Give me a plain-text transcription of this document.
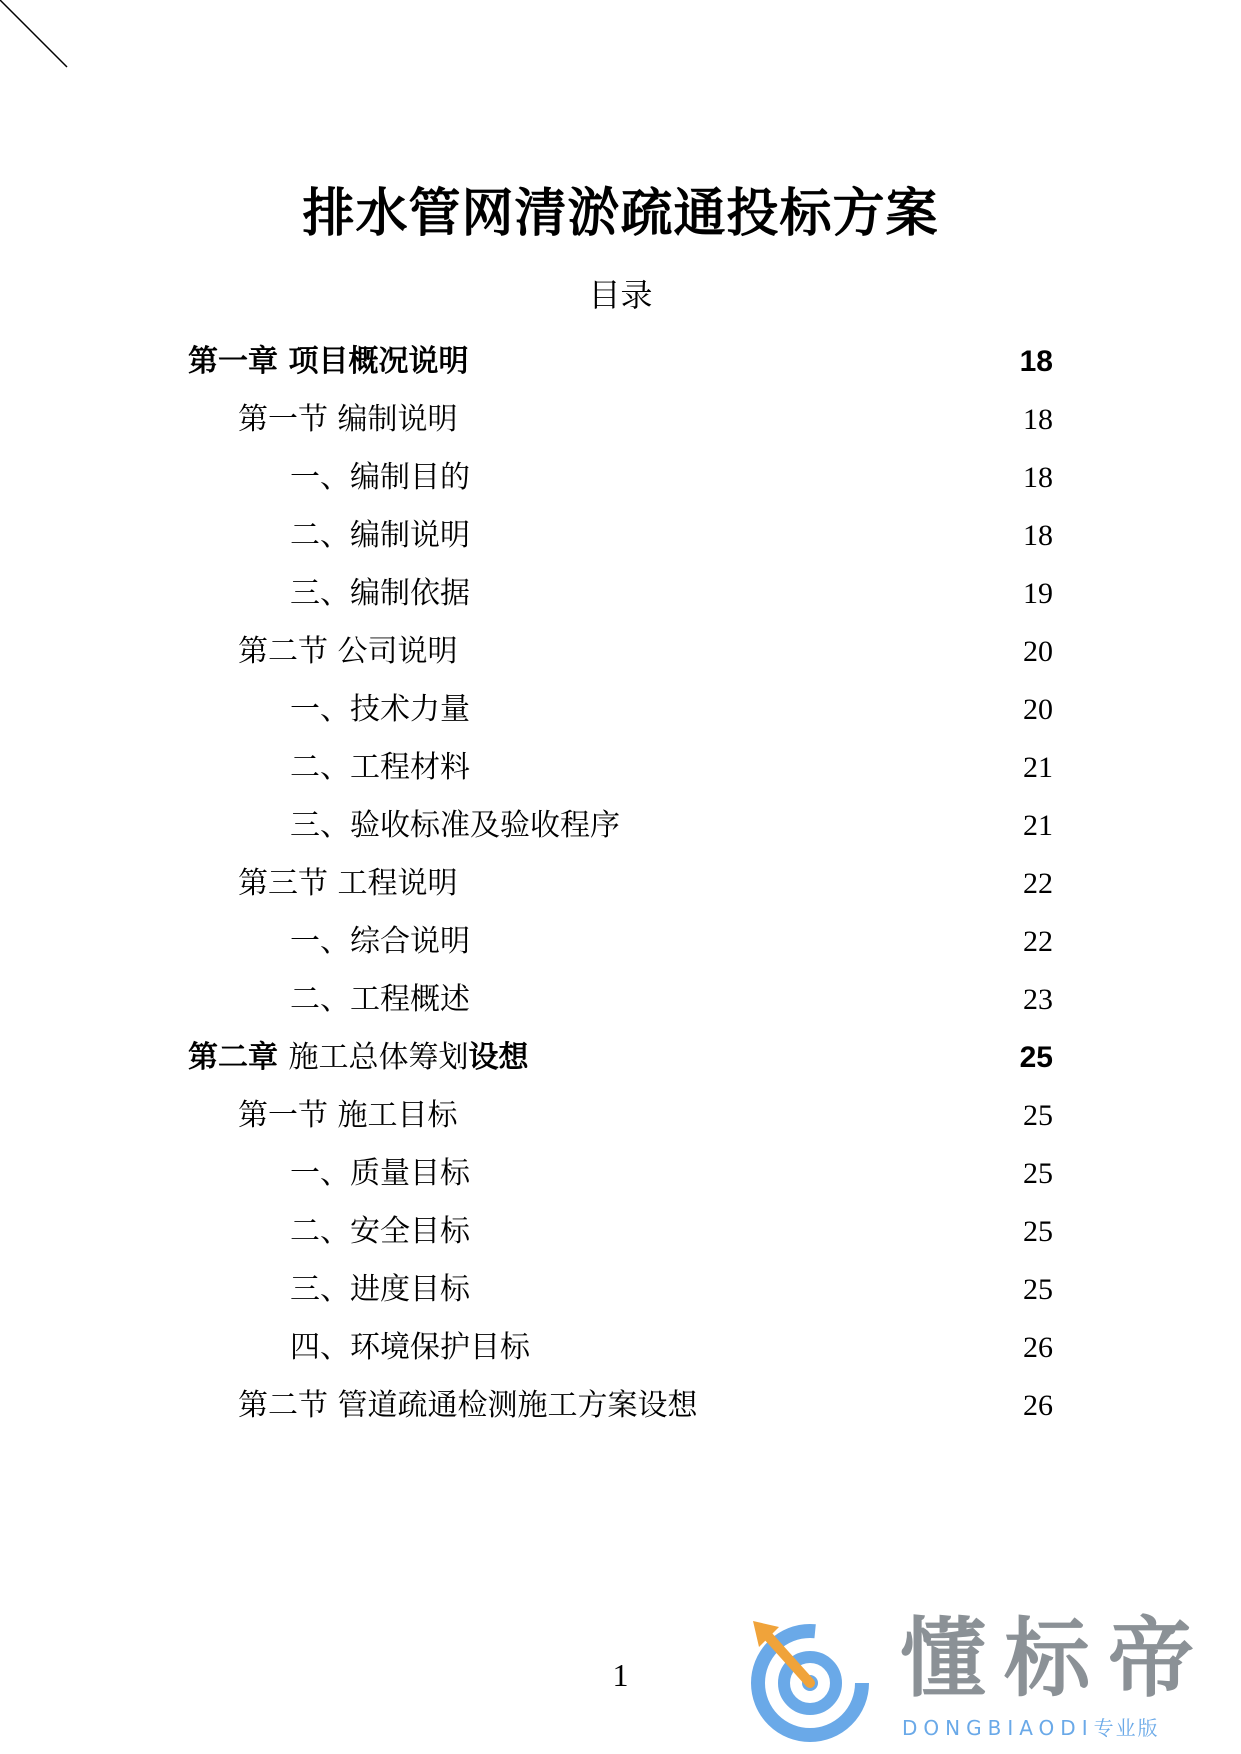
排水管网清淤疏通投标方案
目录
第一章 项目概况说明	18
第一节 编制说明	18
一、编制目的	18
二、编制说明	18
三、编制依据	19
第二节 公司说明	20
一、技术力量	20
二、工程材料	21
三、验收标准及验收程序	21
第三节 工程说明	22
一、综合说明	22
二、工程概述	23
第二章 施工总体筹划设想	25
第一节 施工目标	25
一、质量目标	25
二、安全目标	25
三、进度目标	25
四、环境保护目标	26
第二节 管道疏通检测施工方案设想	26
1	懂标帝
DONGBIAODI专业版
